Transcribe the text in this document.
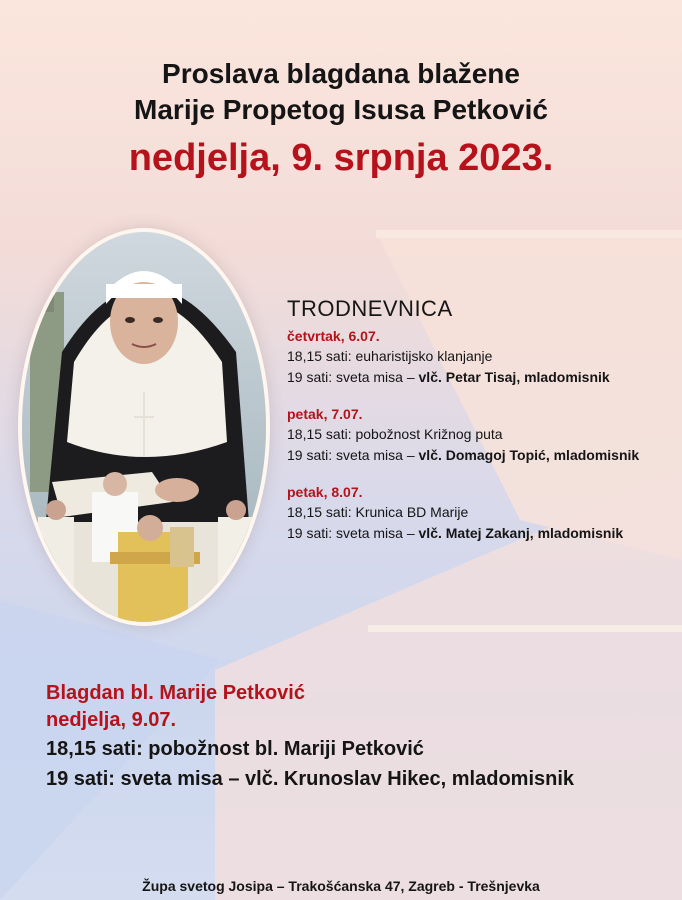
Proslava blagdana blažene
Marije Propetog Isusa Petković
nedjelja, 9. srpnja 2023.
TRODNEVNICA
četvrtak, 6.07.
18,15 sati: euharistijsko klanjanje
19 sati: sveta misa – vlč. Petar Tisaj, mladomisnik
petak, 7.07.
18,15 sati: pobožnost Križnog puta
19 sati: sveta misa – vlč. Domagoj Topić, mladomisnik
petak, 8.07.
18,15 sati: Krunica BD Marije
19 sati: sveta misa – vlč. Matej Zakanj, mladomisnik
Blagdan bl. Marije Petković
nedjelja, 9.07.
18,15 sati: pobožnost bl. Mariji Petković
19 sati: sveta misa – vlč. Krunoslav Hikec, mladomisnik
Župa svetog Josipa – Trakošćanska 47, Zagreb - Trešnjevka
